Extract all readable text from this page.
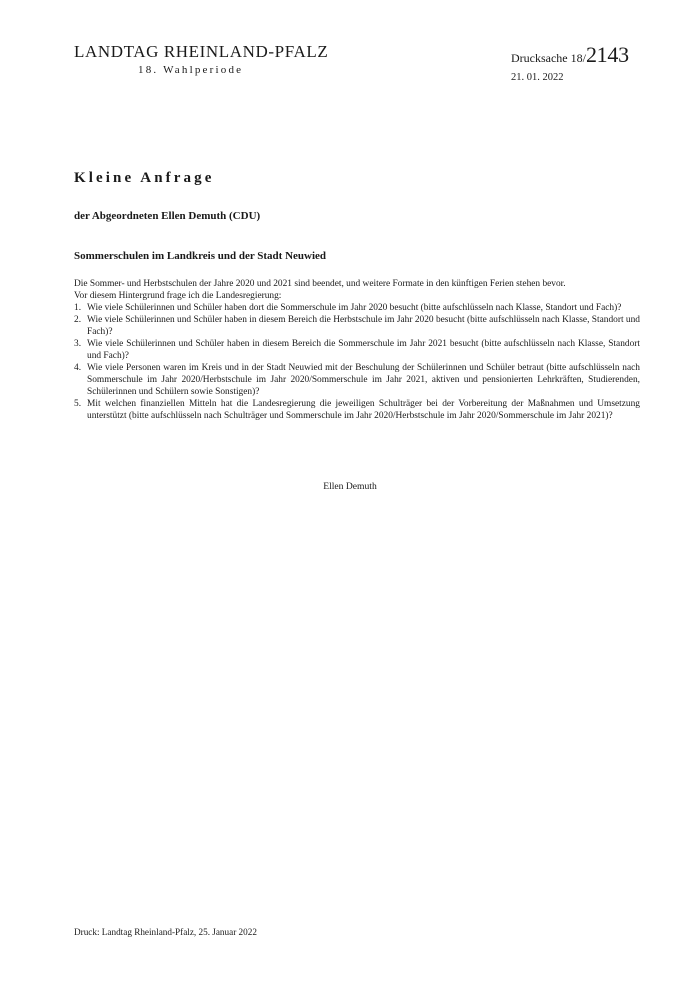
LANDTAG RHEINLAND-PFALZ
18. Wahlperiode
Drucksache 18/2143
21. 01. 2022
Kleine Anfrage
der Abgeordneten Ellen Demuth (CDU)
Sommerschulen im Landkreis und der Stadt Neuwied

Die Sommer- und Herbstschulen der Jahre 2020 und 2021 sind beendet, und weitere Formate in den künftigen Ferien stehen bevor.

Vor diesem Hintergrund frage ich die Landesregierung:

1. Wie viele Schülerinnen und Schüler haben dort die Sommerschule im Jahr 2020 besucht (bitte aufschlüsseln nach Klasse, Standort und Fach)?
2. Wie viele Schülerinnen und Schüler haben in diesem Bereich die Herbstschule im Jahr 2020 besucht (bitte aufschlüsseln nach Klasse, Standort und Fach)?
3. Wie viele Schülerinnen und Schüler haben in diesem Bereich die Sommerschule im Jahr 2021 besucht (bitte aufschlüsseln nach Klasse, Standort und Fach)?
4. Wie viele Personen waren im Kreis und in der Stadt Neuwied mit der Beschulung der Schülerinnen und Schüler betraut (bitte aufschlüsseln nach Sommerschule im Jahr 2020/Herbstschule im Jahr 2020/Sommerschule im Jahr 2021, aktiven und pensionierten Lehrkräften, Studierenden, Schülerinnen und Schülern sowie Sonstigen)?
5. Mit welchen finanziellen Mitteln hat die Landesregierung die jeweiligen Schulträger bei der Vorbereitung der Maßnahmen und Umsetzung unterstützt (bitte aufschlüsseln nach Schulträger und Sommerschule im Jahr 2020/Herbstschule im Jahr 2020/Sommerschule im Jahr 2021)?
Ellen Demuth
Druck: Landtag Rheinland-Pfalz, 25. Januar 2022
